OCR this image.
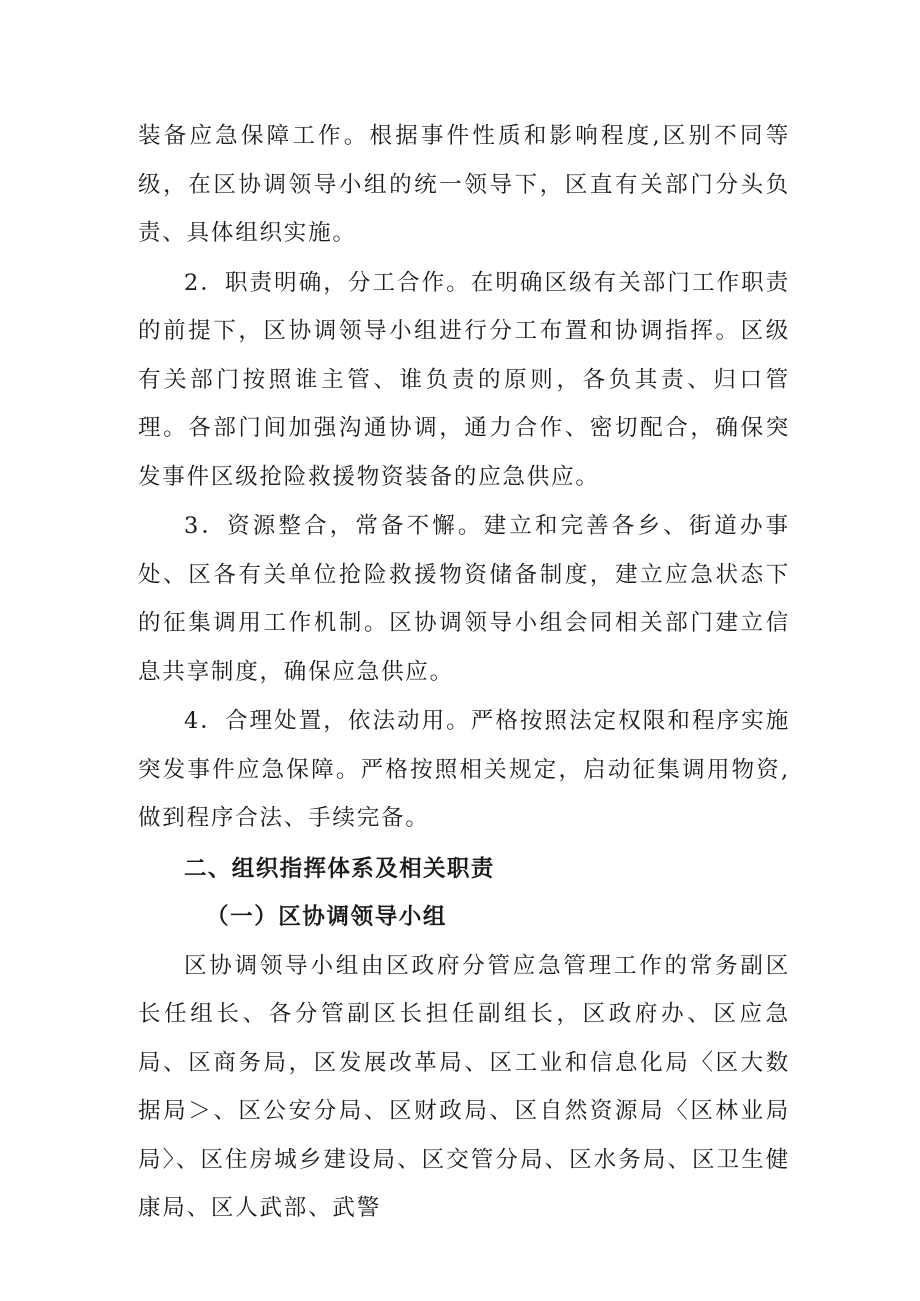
装备应急保障工作。根据事件性质和影响程度,区别不同等级，在区协调领导小组的统一领导下，区直有关部门分头负责、具体组织实施。

2．职责明确，分工合作。在明确区级有关部门工作职责的前提下，区协调领导小组进行分工布置和协调指挥。区级有关部门按照谁主管、谁负责的原则，各负其责、归口管理。各部门间加强沟通协调，通力合作、密切配合，确保突发事件区级抢险救援物资装备的应急供应。

3．资源整合，常备不懈。建立和完善各乡、街道办事处、区各有关单位抢险救援物资储备制度，建立应急状态下的征集调用工作机制。区协调领导小组会同相关部门建立信息共享制度，确保应急供应。

4．合理处置，依法动用。严格按照法定权限和程序实施突发事件应急保障。严格按照相关规定，启动征集调用物资,做到程序合法、手续完备。

二、组织指挥体系及相关职责
（一）区协调领导小组

区协调领导小组由区政府分管应急管理工作的常务副区长任组长、各分管副区长担任副组长，区政府办、区应急局、区商务局，区发展改革局、区工业和信息化局〈区大数据局＞、区公安分局、区财政局、区自然资源局〈区林业局局〉、区住房城乡建设局、区交管分局、区水务局、区卫生健康局、区人武部、武警
